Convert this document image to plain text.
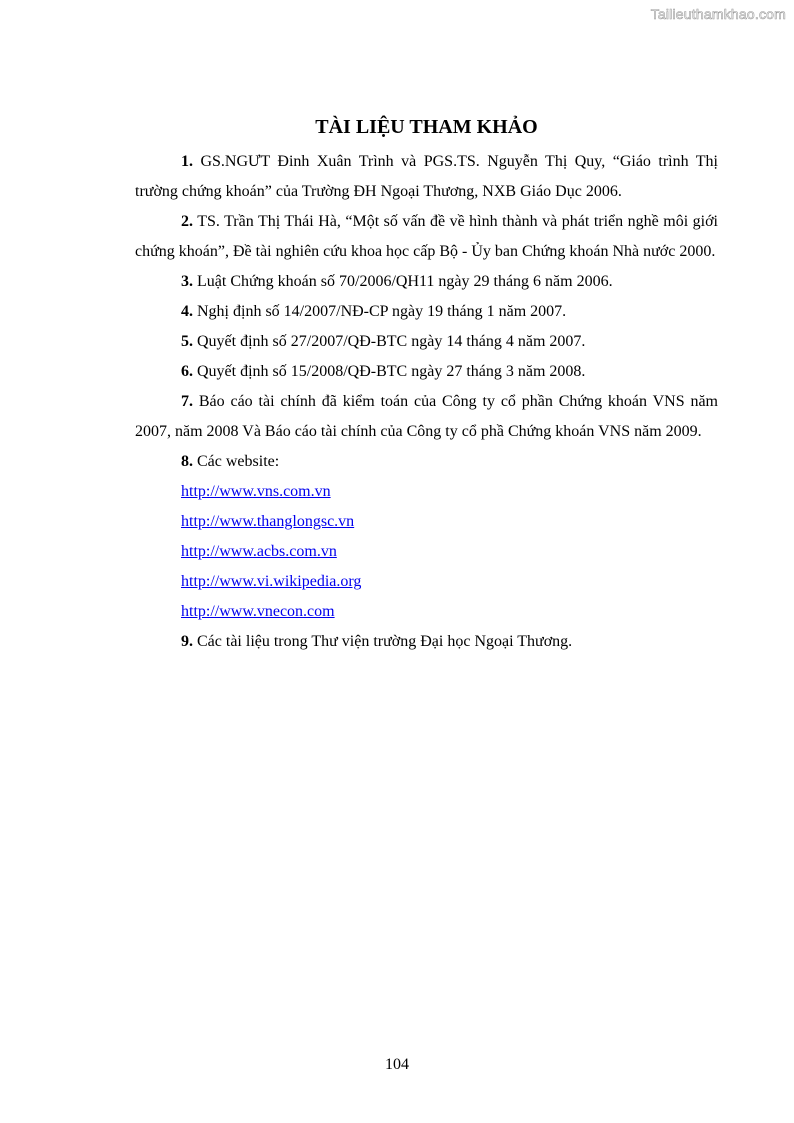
Tailieuthamkhao.com
TÀI LIỆU THAM KHẢO

1. GS.NGƯT Đinh Xuân Trình và PGS.TS. Nguyễn Thị Quy, “Giáo trình Thị trường chứng khoán” của Trường ĐH Ngoại Thương, NXB Giáo Dục 2006.

2. TS. Trần Thị Thái Hà, “Một số vấn đề về hình thành và phát triển nghề môi giới chứng khoán”, Đề tài nghiên cứu khoa học cấp Bộ - Ủy ban Chứng khoán Nhà nước 2000.

3. Luật Chứng khoán số 70/2006/QH11 ngày 29 tháng 6 năm 2006.

4. Nghị định số 14/2007/NĐ-CP ngày 19 tháng 1 năm 2007.

5. Quyết định số 27/2007/QĐ-BTC ngày 14 tháng 4 năm 2007.

6. Quyết định số 15/2008/QĐ-BTC ngày 27 tháng 3 năm 2008.

7. Báo cáo tài chính đã kiểm toán của Công ty cổ phần Chứng khoán VNS năm 2007, năm 2008 Và Báo cáo tài chính của Công ty cổ phầ Chứng khoán VNS năm 2009.

8. Các website:

http://www.vns.com.vn

http://www.thanglongsc.vn

http://www.acbs.com.vn

http://www.vi.wikipedia.org

http://www.vnecon.com

9. Các tài liệu trong Thư viện trường Đại học Ngoại Thương.

104
